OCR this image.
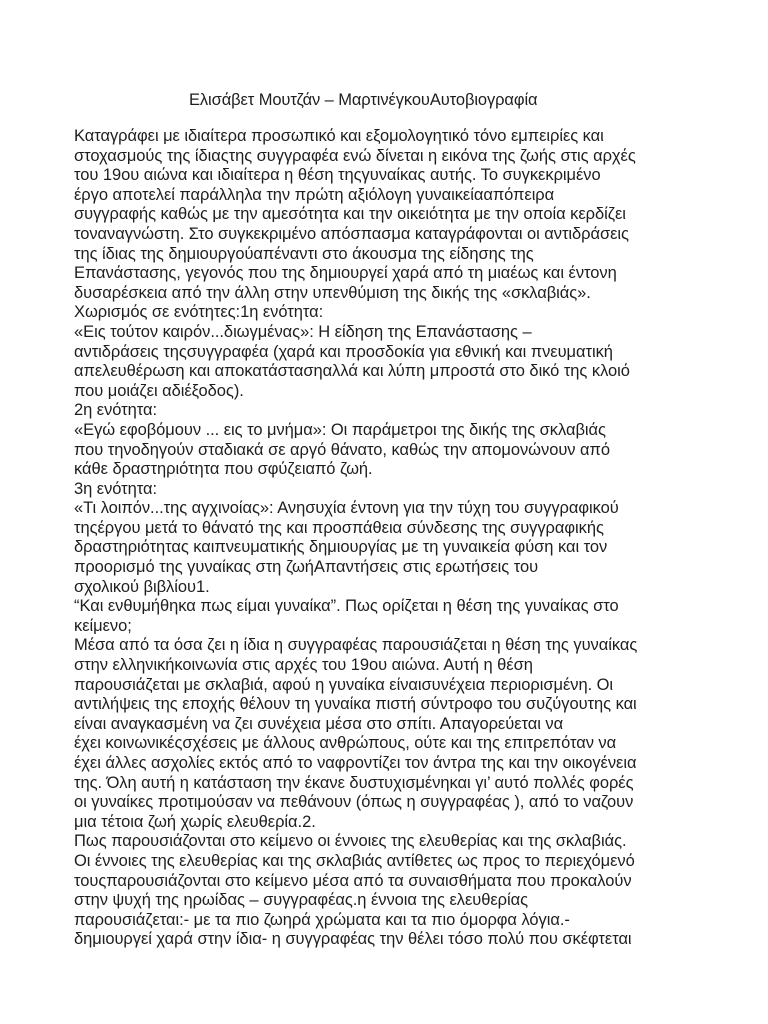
Ελισάβετ Μουτζάν – ΜαρτινέγκουΑυτοβιογραφία
Καταγράφει με ιδιαίτερα προσωπικό και εξομολογητικό τόνο εμπειρίες και
στοχασμούς της ίδιαςτης συγγραφέα ενώ δίνεται η εικόνα της ζωής στις αρχές
του 19ου αιώνα και ιδιαίτερα η θέση τηςγυναίκας αυτής. Το συγκεκριμένο
έργο αποτελεί παράλληλα την πρώτη αξιόλογη γυναικείααπόπειρα
συγγραφής καθώς με την αμεσότητα και την οικειότητα με την οποία κερδίζει
τοναναγνώστη. Στο συγκεκριμένο απόσπασμα καταγράφονται οι αντιδράσεις
της ίδιας της δημιουργούαπέναντι στο άκουσμα της είδησης της
Επανάστασης, γεγονός που της δημιουργεί χαρά από τη μιαέως και έντονη
δυσαρέσκεια από την άλλη στην υπενθύμιση της δικής της «σκλαβιάς».
Χωρισμός σε ενότητες:1η ενότητα:
«Εις τούτον καιρόν...διωγμένας»: Η είδηση της Επανάστασης –
αντιδράσεις τηςσυγγραφέα (χαρά και προσδοκία για εθνική και πνευματική
απελευθέρωση και αποκατάστασηαλλά και λύπη μπροστά στο δικό της κλοιό
που μοιάζει αδιέξοδος).
2η ενότητα:
«Εγώ εφοβόμουν ... εις το μνήμα»: Οι παράμετροι της δικής της σκλαβιάς
που τηνοδηγούν σταδιακά σε αργό θάνατο, καθώς την απομονώνουν από
κάθε δραστηριότητα που σφύζειαπό ζωή.
3η ενότητα:
«Τι λοιπόν...της αγχινοίας»: Ανησυχία έντονη για την τύχη του συγγραφικού
τηςέργου μετά το θάνατό της και προσπάθεια σύνδεσης της συγγραφικής
δραστηριότητας καιπνευματικής δημιουργίας με τη γυναικεία φύση και τον
προορισμό της γυναίκας στη ζωήΑπαντήσεις στις ερωτήσεις του
σχολικού βιβλίου1.
“Και ενθυμήθηκα πως είμαι γυναίκα”. Πως ορίζεται η θέση της γυναίκας στο
κείμενο;
Μέσα από τα όσα ζει η ίδια η συγγραφέας παρουσιάζεται η θέση της γυναίκας
στην ελληνικήκοινωνία στις αρχές του 19ου αιώνα. Αυτή η θέση
παρουσιάζεται με σκλαβιά, αφού η γυναίκα είναισυνέχεια περιορισμένη. Οι
αντιλήψεις της εποχής θέλουν τη γυναίκα πιστή σύντροφο του συζύγουτης και
είναι αναγκασμένη να ζει συνέχεια μέσα στο σπίτι. Απαγορεύεται να
έχει κοινωνικέςσχέσεις με άλλους ανθρώπους, ούτε και της επιτρεπόταν να
έχει άλλες ασχολίες εκτός από το ναφροντίζει τον άντρα της και την οικογένεια
της. Όλη αυτή η κατάσταση την έκανε δυστυχισμένηκαι γι’ αυτό πολλές φορές
οι γυναίκες προτιμούσαν να πεθάνουν (όπως η συγγραφέας ), από το ναζουν
μια τέτοια ζωή χωρίς ελευθερία.2.
Πως παρουσιάζονται στο κείμενο οι έννοιες της ελευθερίας και της σκλαβιάς.
Οι έννοιες της ελευθερίας και της σκλαβιάς αντίθετες ως προς το περιεχόμενό
τουςπαρουσιάζονται στο κείμενο μέσα από τα συναισθήματα που προκαλούν
στην ψυχή της ηρωίδας – συγγραφέας.η έννοια της ελευθερίας
παρουσιάζεται:- με τα πιο ζωηρά χρώματα και τα πιο όμορφα λόγια.-
δημιουργεί χαρά στην ίδια- η συγγραφέας την θέλει τόσο πολύ που σκέφτεται
